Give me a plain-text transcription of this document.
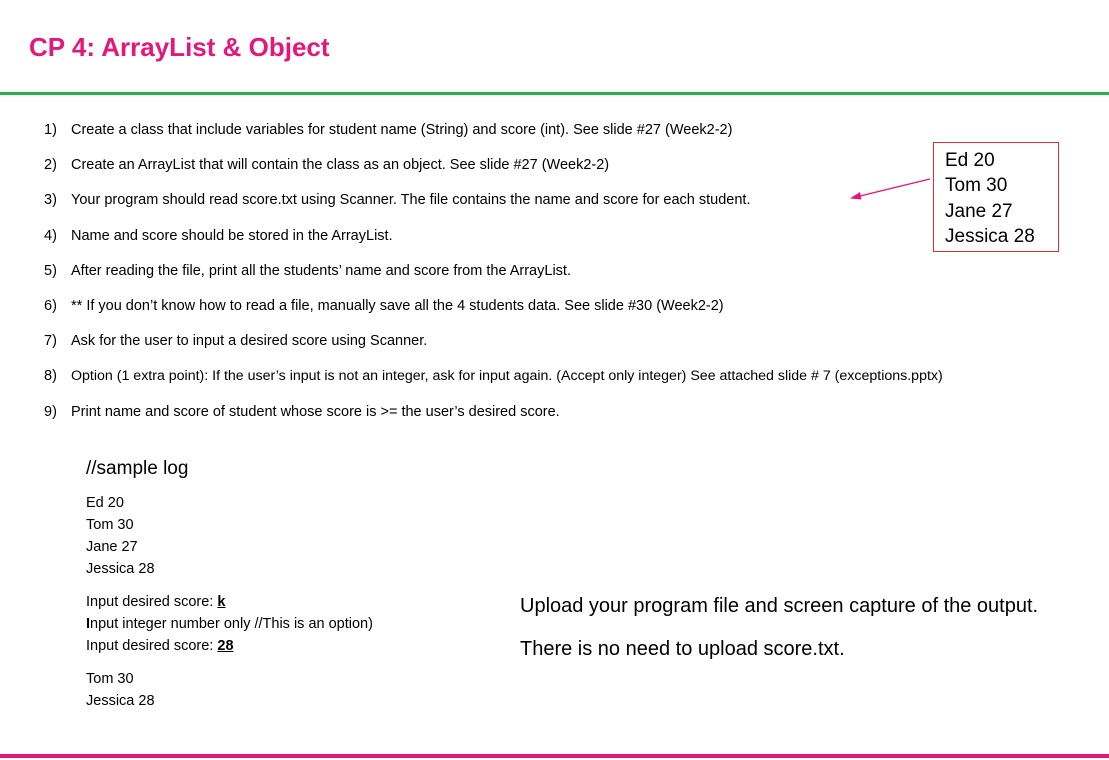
CP 4: ArrayList & Object
1) Create a class that include variables for student name (String) and score (int). See slide #27 (Week2-2)
2) Create an ArrayList that will contain the class as an object. See slide #27 (Week2-2)
3) Your program should read score.txt using Scanner. The file contains the name and score for each student.
4) Name and score should be stored in the ArrayList.
5) After reading the file, print all the students’ name and score from the ArrayList.
6) ** If you don’t know how to read a file, manually save all the 4 students data. See slide #30 (Week2-2)
7) Ask for the user to input a desired score using Scanner.
8) Option (1 extra point): If the user’s input is not an integer, ask for input again. (Accept only integer) See attached slide # 7 (exceptions.pptx)
9) Print name and score of student whose score is >= the user’s desired score.
Ed 20
Tom 30
Jane 27
Jessica 28
//sample log
Ed 20
Tom 30
Jane 27
Jessica 28
Input desired score: k
Input integer number only //This is an option)
Input desired score: 28
Tom 30
Jessica 28
Upload your program file and screen capture of the output.
There is no need to upload score.txt.
